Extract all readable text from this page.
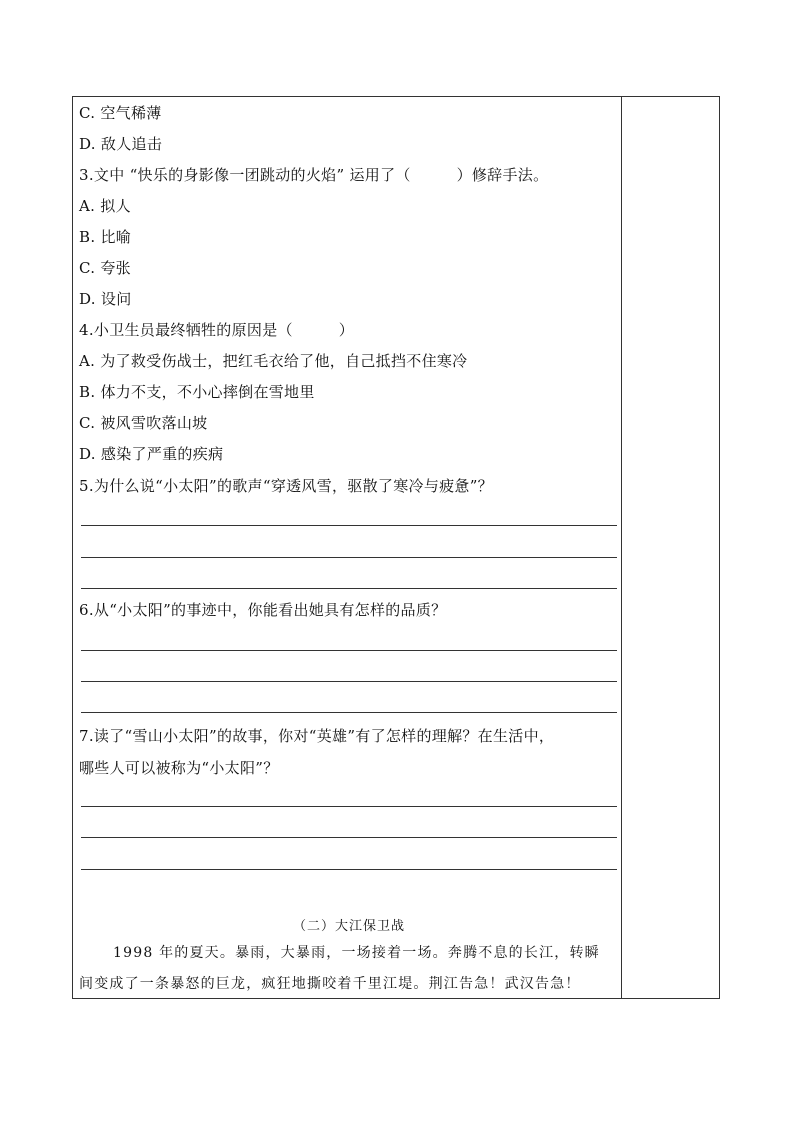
C. 空气稀薄
D. 敌人追击
3.文中 “快乐的身影像一团跳动的火焰” 运用了（　　　）修辞手法。
A. 拟人
B. 比喻
C. 夸张
D. 设问
4.小卫生员最终牺牲的原因是（　　　）
A. 为了救受伤战士，把红毛衣给了他，自己抵挡不住寒冷
B. 体力不支，不小心摔倒在雪地里
C. 被风雪吹落山坡
D. 感染了严重的疾病
5.为什么说“小太阳”的歌声“穿透风雪，驱散了寒冷与疲惫”？
6.从“小太阳”的事迹中，你能看出她具有怎样的品质？
7.读了“雪山小太阳”的故事，你对“英雄”有了怎样的理解？在生活中，
哪些人可以被称为“小太阳”？
（二）大江保卫战
1998 年的夏天。暴雨，大暴雨，一场接着一场。奔腾不息的长江，转瞬
间变成了一条暴怒的巨龙，疯狂地撕咬着千里江堤。荆江告急！武汉告急！
